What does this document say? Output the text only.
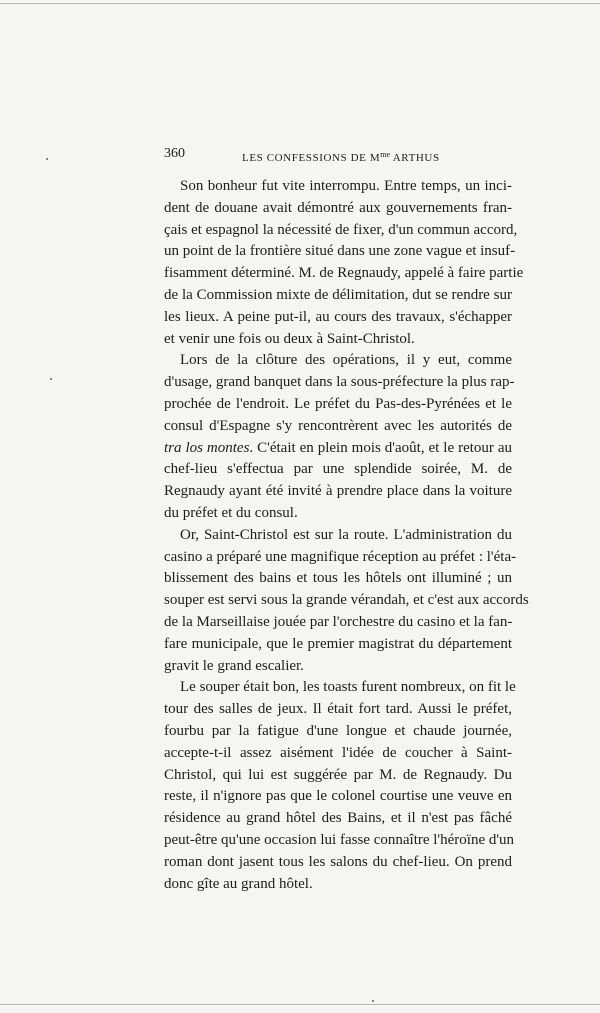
360	LES CONFESSIONS DE $M^{me}$ ARTHUS
Son bonheur fut vite interrompu. Entre temps, un inci-
dent de douane avait démontré aux gouvernements fran-
çais et espagnol la nécessité de fixer, d'un commun accord,
un point de la frontière situé dans une zone vague et insuf-
fisamment déterminé. M. de Regnaudy, appelé à faire partie
de la Commission mixte de délimitation, dut se rendre sur
les lieux. A peine put-il, au cours des travaux, s'échapper
et venir une fois ou deux à Saint-Christol.
Lors de la clôture des opérations, il y eut, comme
d'usage, grand banquet dans la sous-préfecture la plus rap-
prochée de l'endroit. Le préfet du Pas-des-Pyrénées et le
consul d'Espagne s'y rencontrèrent avec les autorités de
tra los montes. C'était en plein mois d'août, et le retour au
chef-lieu s'effectua par une splendide soirée, M. de
Regnaudy ayant été invité à prendre place dans la voiture
du préfet et du consul.
Or, Saint-Christol est sur la route. L'administration du
casino a préparé une magnifique réception au préfet : l'éta-
blissement des bains et tous les hôtels ont illuminé ; un
souper est servi sous la grande vérandah, et c'est aux accords
de la Marseillaise jouée par l'orchestre du casino et la fan-
fare municipale, que le premier magistrat du département
gravit le grand escalier.
Le souper était bon, les toasts furent nombreux, on fit le
tour des salles de jeux. Il était fort tard. Aussi le préfet,
fourbu par la fatigue d'une longue et chaude journée,
accepte-t-il assez aisément l'idée de coucher à Saint-
Christol, qui lui est suggérée par M. de Regnaudy. Du
reste, il n'ignore pas que le colonel courtise une veuve en
résidence au grand hôtel des Bains, et il n'est pas fâché
peut-être qu'une occasion lui fasse connaître l'héroïne d'un
roman dont jasent tous les salons du chef-lieu. On prend
donc gîte au grand hôtel.
